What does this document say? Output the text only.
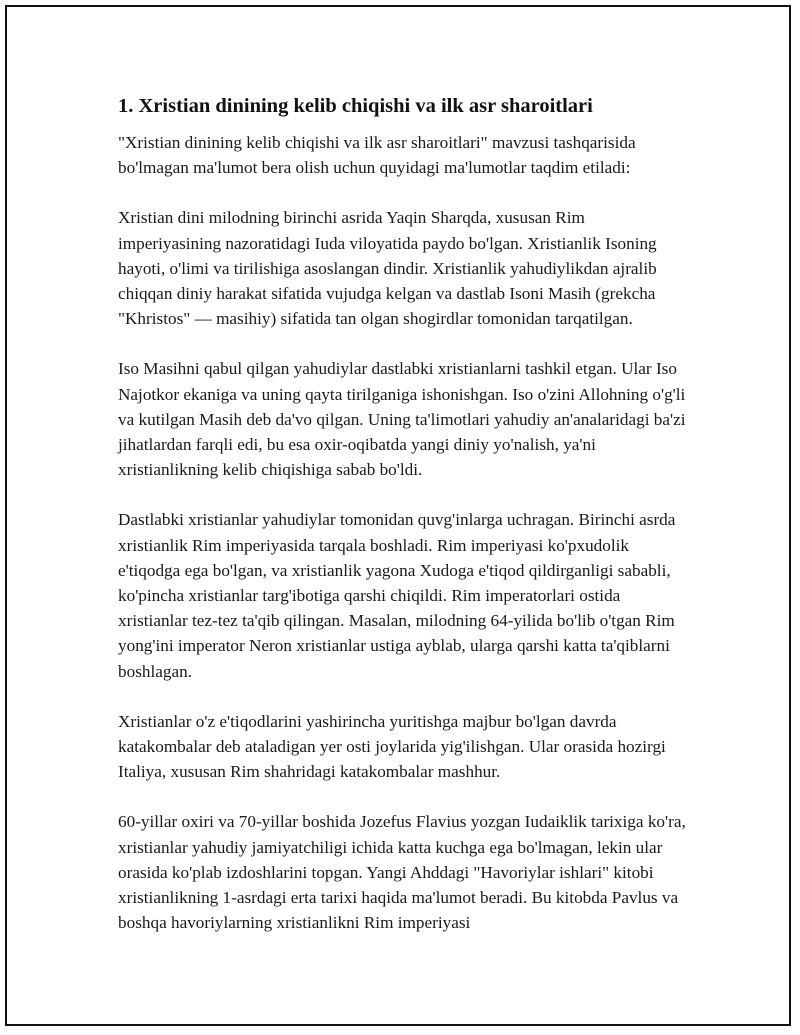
1. Xristian dinining kelib chiqishi va ilk asr sharoitlari

"Xristian dinining kelib chiqishi va ilk asr sharoitlari" mavzusi tashqarisida bo'lmagan ma'lumot bera olish uchun quyidagi ma'lumotlar taqdim etiladi:

Xristian dini milodning birinchi asrida Yaqin Sharqda, xususan Rim imperiyasining nazoratidagi Iuda viloyatida paydo bo'lgan. Xristianlik Isoning hayoti, o'limi va tirilishiga asoslangan dindir. Xristianlik yahudiylikdan ajralib chiqqan diniy harakat sifatida vujudga kelgan va dastlab Isoni Masih (grekcha "Khristos" — masihiy) sifatida tan olgan shogirdlar tomonidan tarqatilgan.

Iso Masihni qabul qilgan yahudiylar dastlabki xristianlarni tashkil etgan. Ular Iso Najotkor ekaniga va uning qayta tirilganiga ishonishgan. Iso o'zini Allohning o'g'li va kutilgan Masih deb da'vo qilgan. Uning ta'limotlari yahudiy an'analaridagi ba'zi jihatlardan farqli edi, bu esa oxir-oqibatda yangi diniy yo'nalish, ya'ni xristianlikning kelib chiqishiga sabab bo'ldi.

Dastlabki xristianlar yahudiylar tomonidan quvg'inlarga uchragan. Birinchi asrda xristianlik Rim imperiyasida tarqala boshladi. Rim imperiyasi ko'pxudolik e'tiqodga ega bo'lgan, va xristianlik yagona Xudoga e'tiqod qildirganligi sababli, ko'pincha xristianlar targ'ibotiga qarshi chiqildi. Rim imperatorlari ostida xristianlar tez-tez ta'qib qilingan. Masalan, milodning 64-yilida bo'lib o'tgan Rim yong'ini imperator Neron xristianlar ustiga ayblab, ularga qarshi katta ta'qiblarni boshlagan.

Xristianlar o'z e'tiqodlarini yashirincha yuritishga majbur bo'lgan davrda katakombalar deb ataladigan yer osti joylarida yig'ilishgan. Ular orasida hozirgi Italiya, xususan Rim shahridagi katakombalar mashhur.

60-yillar oxiri va 70-yillar boshida Jozefus Flavius yozgan Iudaiklik tarixiga ko'ra, xristianlar yahudiy jamiyatchiligi ichida katta kuchga ega bo'lmagan, lekin ular orasida ko'plab izdoshlarini topgan. Yangi Ahddagi "Havoriylar ishlari" kitobi xristianlikning 1-asrdagi erta tarixi haqida ma'lumot beradi. Bu kitobda Pavlus va boshqa havoriylarning xristianlikni Rim imperiyasi
